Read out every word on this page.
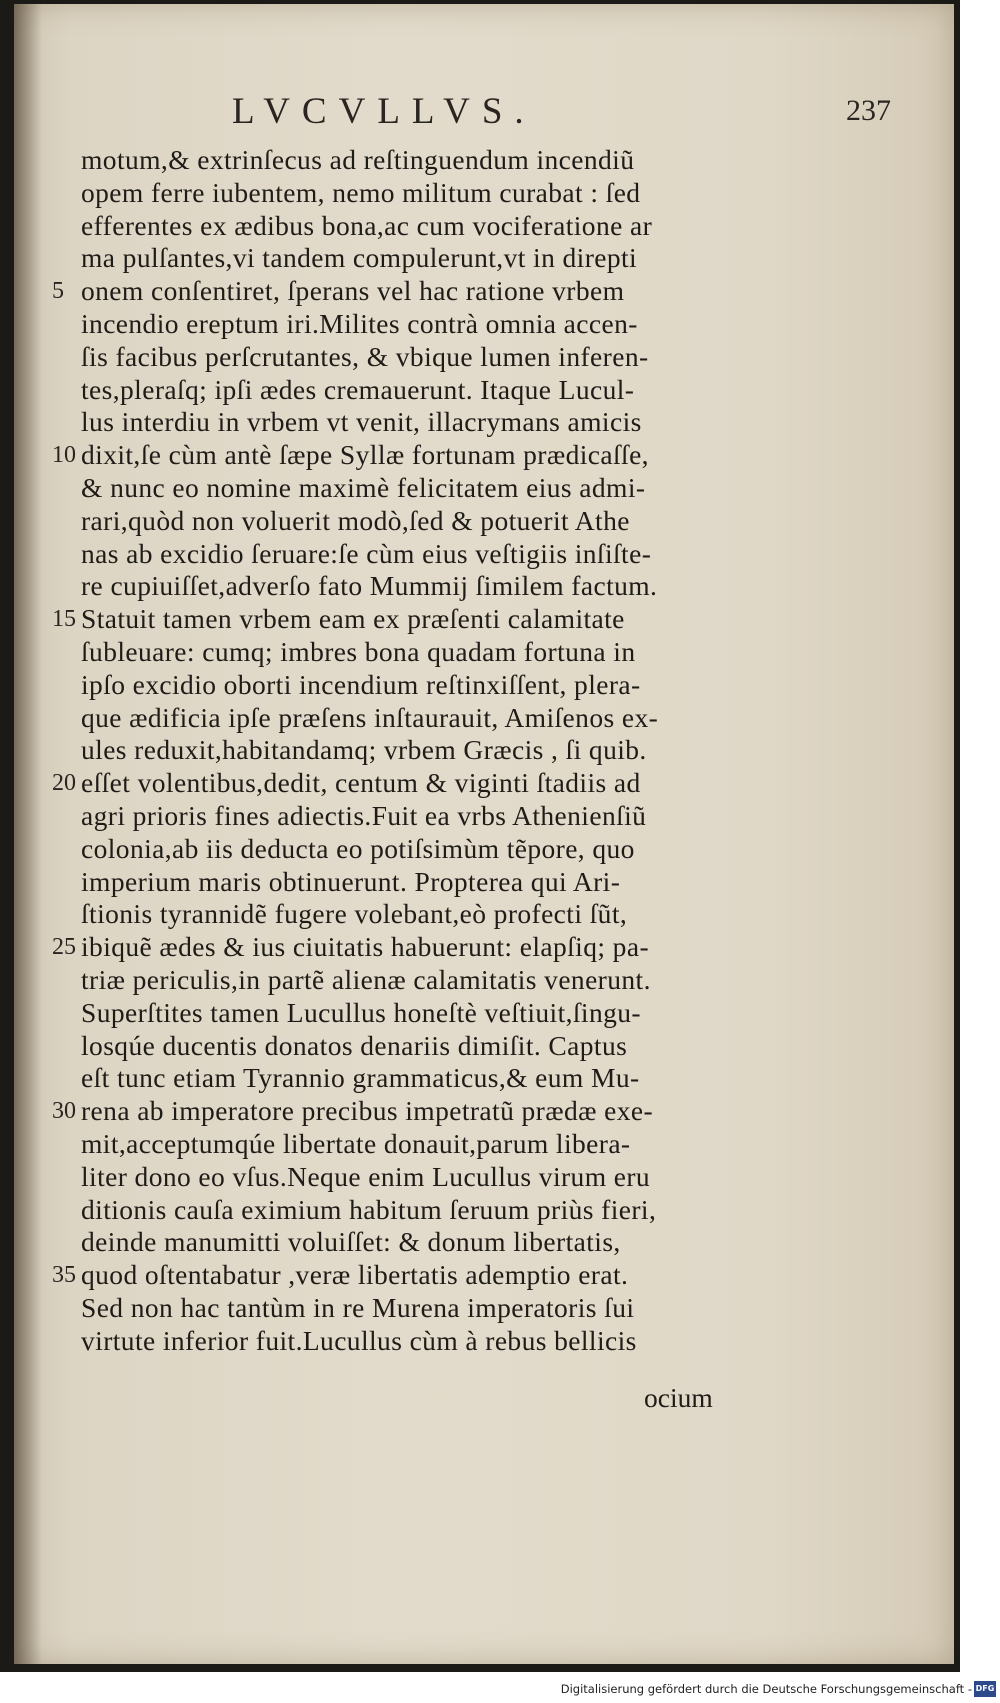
LVCVLLVS.	237
motum,& extrinſecus ad reſtinguendum incendiũ
opem ferre iubentem, nemo militum curabat : ſed
efferentes ex ædibus bona,ac cum vociferatione ar
ma pulſantes,vi tandem compulerunt,vt in direpti
5 onem conſentiret, ſperans vel hac ratione vrbem
incendio ereptum iri.Milites contrà omnia accen-
ſis facibus perſcrutantes, & vbique lumen inferen-
tes,pleraſq; ipſi ædes cremauerunt. Itaque Lucul-
lus interdiu in vrbem vt venit, illacrymans amicis
10 dixit,ſe cùm antè ſæpe Syllæ fortunam prædicaſſe,
& nunc eo nomine maximè felicitatem eius admi-
rari,quòd non voluerit modò,ſed & potuerit Athe
nas ab excidio ſeruare:ſe cùm eius veſtigiis inſiſte-
re cupiuiſſet,adverſo fato Mummij ſimilem factum.
15 Statuit tamen vrbem eam ex præſenti calamitate
ſubleuare: cumq; imbres bona quadam fortuna in
ipſo excidio oborti incendium reſtinxiſſent, plera-
que ædificia ipſe præſens inſtaurauit, Amiſenos ex-
ules reduxit,habitandamq; vrbem Græcis , ſi quib.
20 eſſet volentibus,dedit, centum & viginti ſtadiis ad
agri prioris fines adiectis.Fuit ea vrbs Athenienſiũ
colonia,ab iis deducta eo potiſsimùm tẽpore, quo
imperium maris obtinuerunt. Propterea qui Ari-
ſtionis tyrannidẽ fugere volebant,eò profecti ſũt,
25 ibiquẽ ædes & ius ciuitatis habuerunt: elapſiq; pa-
triæ periculis,in partẽ alienæ calamitatis venerunt.
Superſtites tamen Lucullus honeſtè veſtiuit,ſingu-
losqúe ducentis donatos denariis dimiſit. Captus
eſt tunc etiam Tyrannio grammaticus,& eum Mu-
30 rena ab imperatore precibus impetratũ prædæ exe-
mit,acceptumqúe libertate donauit,parum libera-
liter dono eo vſus.Neque enim Lucullus virum eru
ditionis cauſa eximium habitum ſeruum priùs fieri,
deinde manumitti voluiſſet: & donum libertatis,
35 quod oſtentabatur ,veræ libertatis ademptio erat.
Sed non hac tantùm in re Murena imperatoris ſui
virtute inferior fuit.Lucullus cùm à rebus bellicis
ocium
Digitalisierung gefördert durch die Deutsche Forschungsgemeinschaft - DFG
